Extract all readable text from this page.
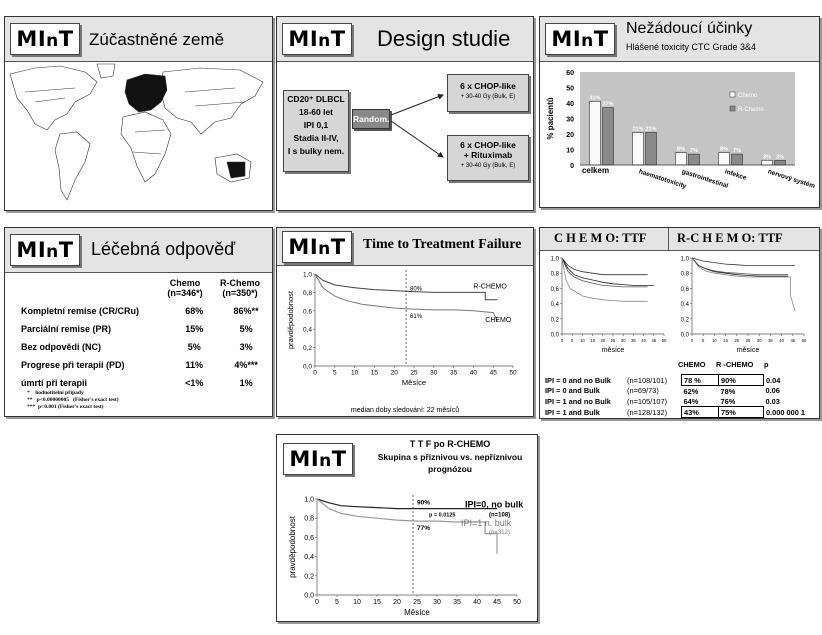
MInT Zúčastněné země	MInT Design studie
CD20⁺ DLBCL
18-60 let
IPI 0,1
Stadia II-IV,
I s bulky nem.
Random.
6 x CHOP-like
+ 30-40 Gy (Bulk, E)
6 x CHOP-like
+ Rituximab
+ 30-40 Gy (Bulk, E)
MInT	Nežádoucí účinky
Hlášené toxicity CTC Grade 3&4
0
10
20
30
40
50
60
% pacientů	41%
37%
celkem
21% 21%
haematotoxicity
8% 7%
gastrointestinal
8% 7%
infekce
3% 3%
nervový systém
Chemo
R-Chemo
MInT Léčebná odpověď
Chemo
(n=346*)
R-Chemo
(n=350*)
Kompletní remise (CR/CRu)	68%	86%**
Parciální remise (PR)	15%	5%
Bez odpovědi (NC)	5%	3%
Progrese při terapii (PD)	11%	4%***
úmrtí při terapii	<1%	1%
*    hodnotitelní případy
**   p<0.00000005   (Fisher's exact test)
***  p<0.001 (Fisher's exact test)
MInT	Time to Treatment Failure
0,0
0,2
0,4
0,6
0,8
1,0
0 5 10 15 20 25 30 35 40 45 50
Měsíce
pravděpodobnost
80%
61%
R-CHEMO
CHEMO
median doby sledování: 22 měsíců
C H E M O: TTF R-C H E M O: TTF
0,0
0,2
0,4
0,6
0,8
1,0
0 5 10 15 20 25 30 35 40 45 50
měsíce
0,0
0,2
0,4
0,6
0,8
1,0
0 5 10 15 20 25 30 35 40 45 50
měsíce
CHEMO R -CHEMO p
IPI = 0 and no Bulk	(n=108/101)	78 %	90%	0.04
IPI = 0 and Bulk	(n=69/73)	62%	78%	0.06
IPI = 1 and no Bulk	(n=105/107)	64%	76%	0.03
IPI = 1 and Bulk	(n=128/132)	43%	75%	0.000 000 1
MInT
T T F po R-CHEMO
Skupina s příznivou vs. nepříznivou
prognózou
0,0
0,2
0,4
0,6
0,8
1,0
0 5 10 15 20 25 30 35 40 45 50
Měsíce
pravděpodobnost
90%
77%
p = 0.0125
IPI=0, no bulk
(n=108)
IPI=1 n. bulk
(n=312)
